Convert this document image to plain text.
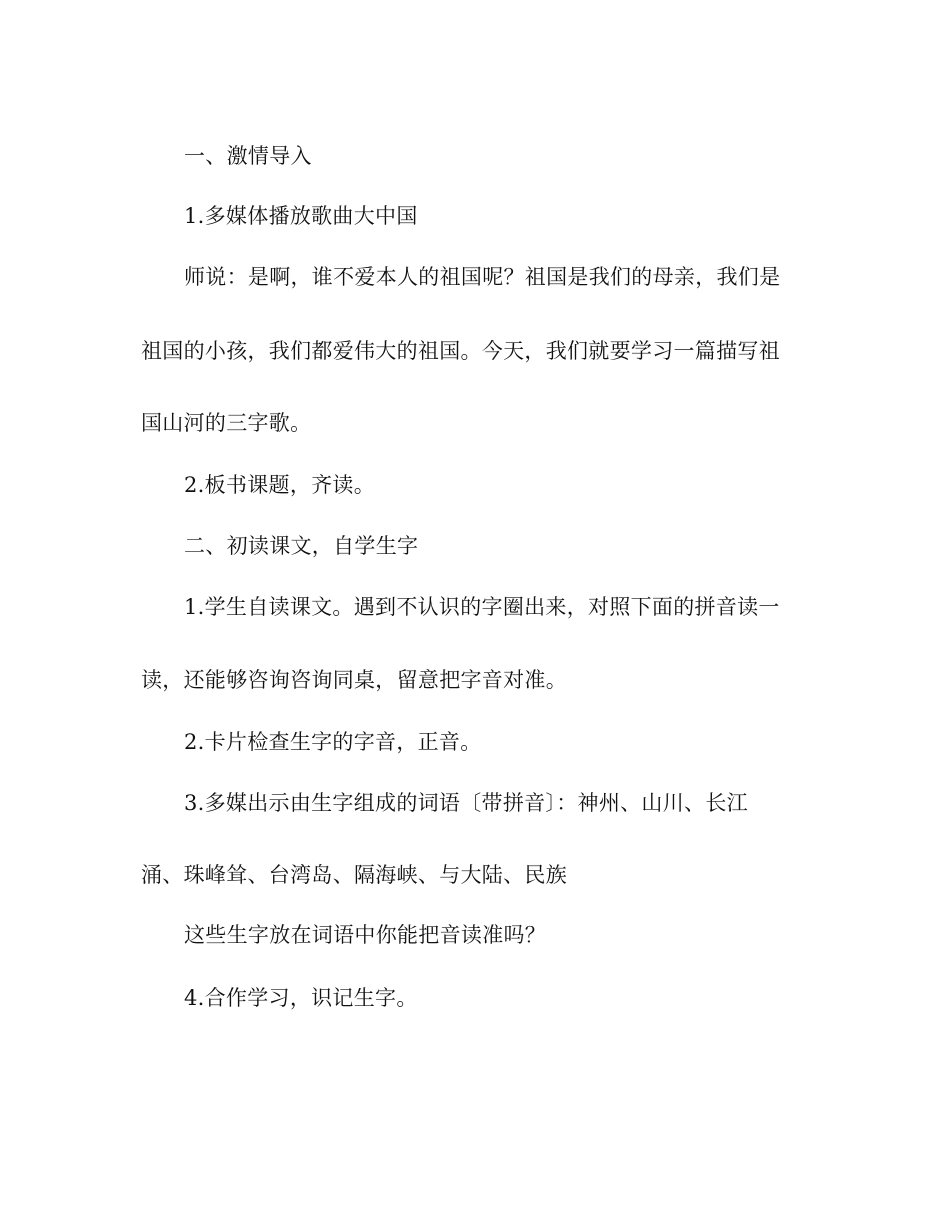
一、激情导入
1.多媒体播放歌曲大中国
师说：是啊，谁不爱本人的祖国呢？祖国是我们的母亲，我们是
祖国的小孩，我们都爱伟大的祖国。今天，我们就要学习一篇描写祖
国山河的三字歌。
2.板书课题，齐读。
二、初读课文，自学生字
1.学生自读课文。遇到不认识的字圈出来，对照下面的拼音读一
读，还能够咨询咨询同桌，留意把字音对准。
2.卡片检查生字的字音，正音。
3.多媒出示由生字组成的词语〔带拼音〕：神州、山川、长江
涌、珠峰耸、台湾岛、隔海峡、与大陆、民族
这些生字放在词语中你能把音读准吗？
4.合作学习，识记生字。
